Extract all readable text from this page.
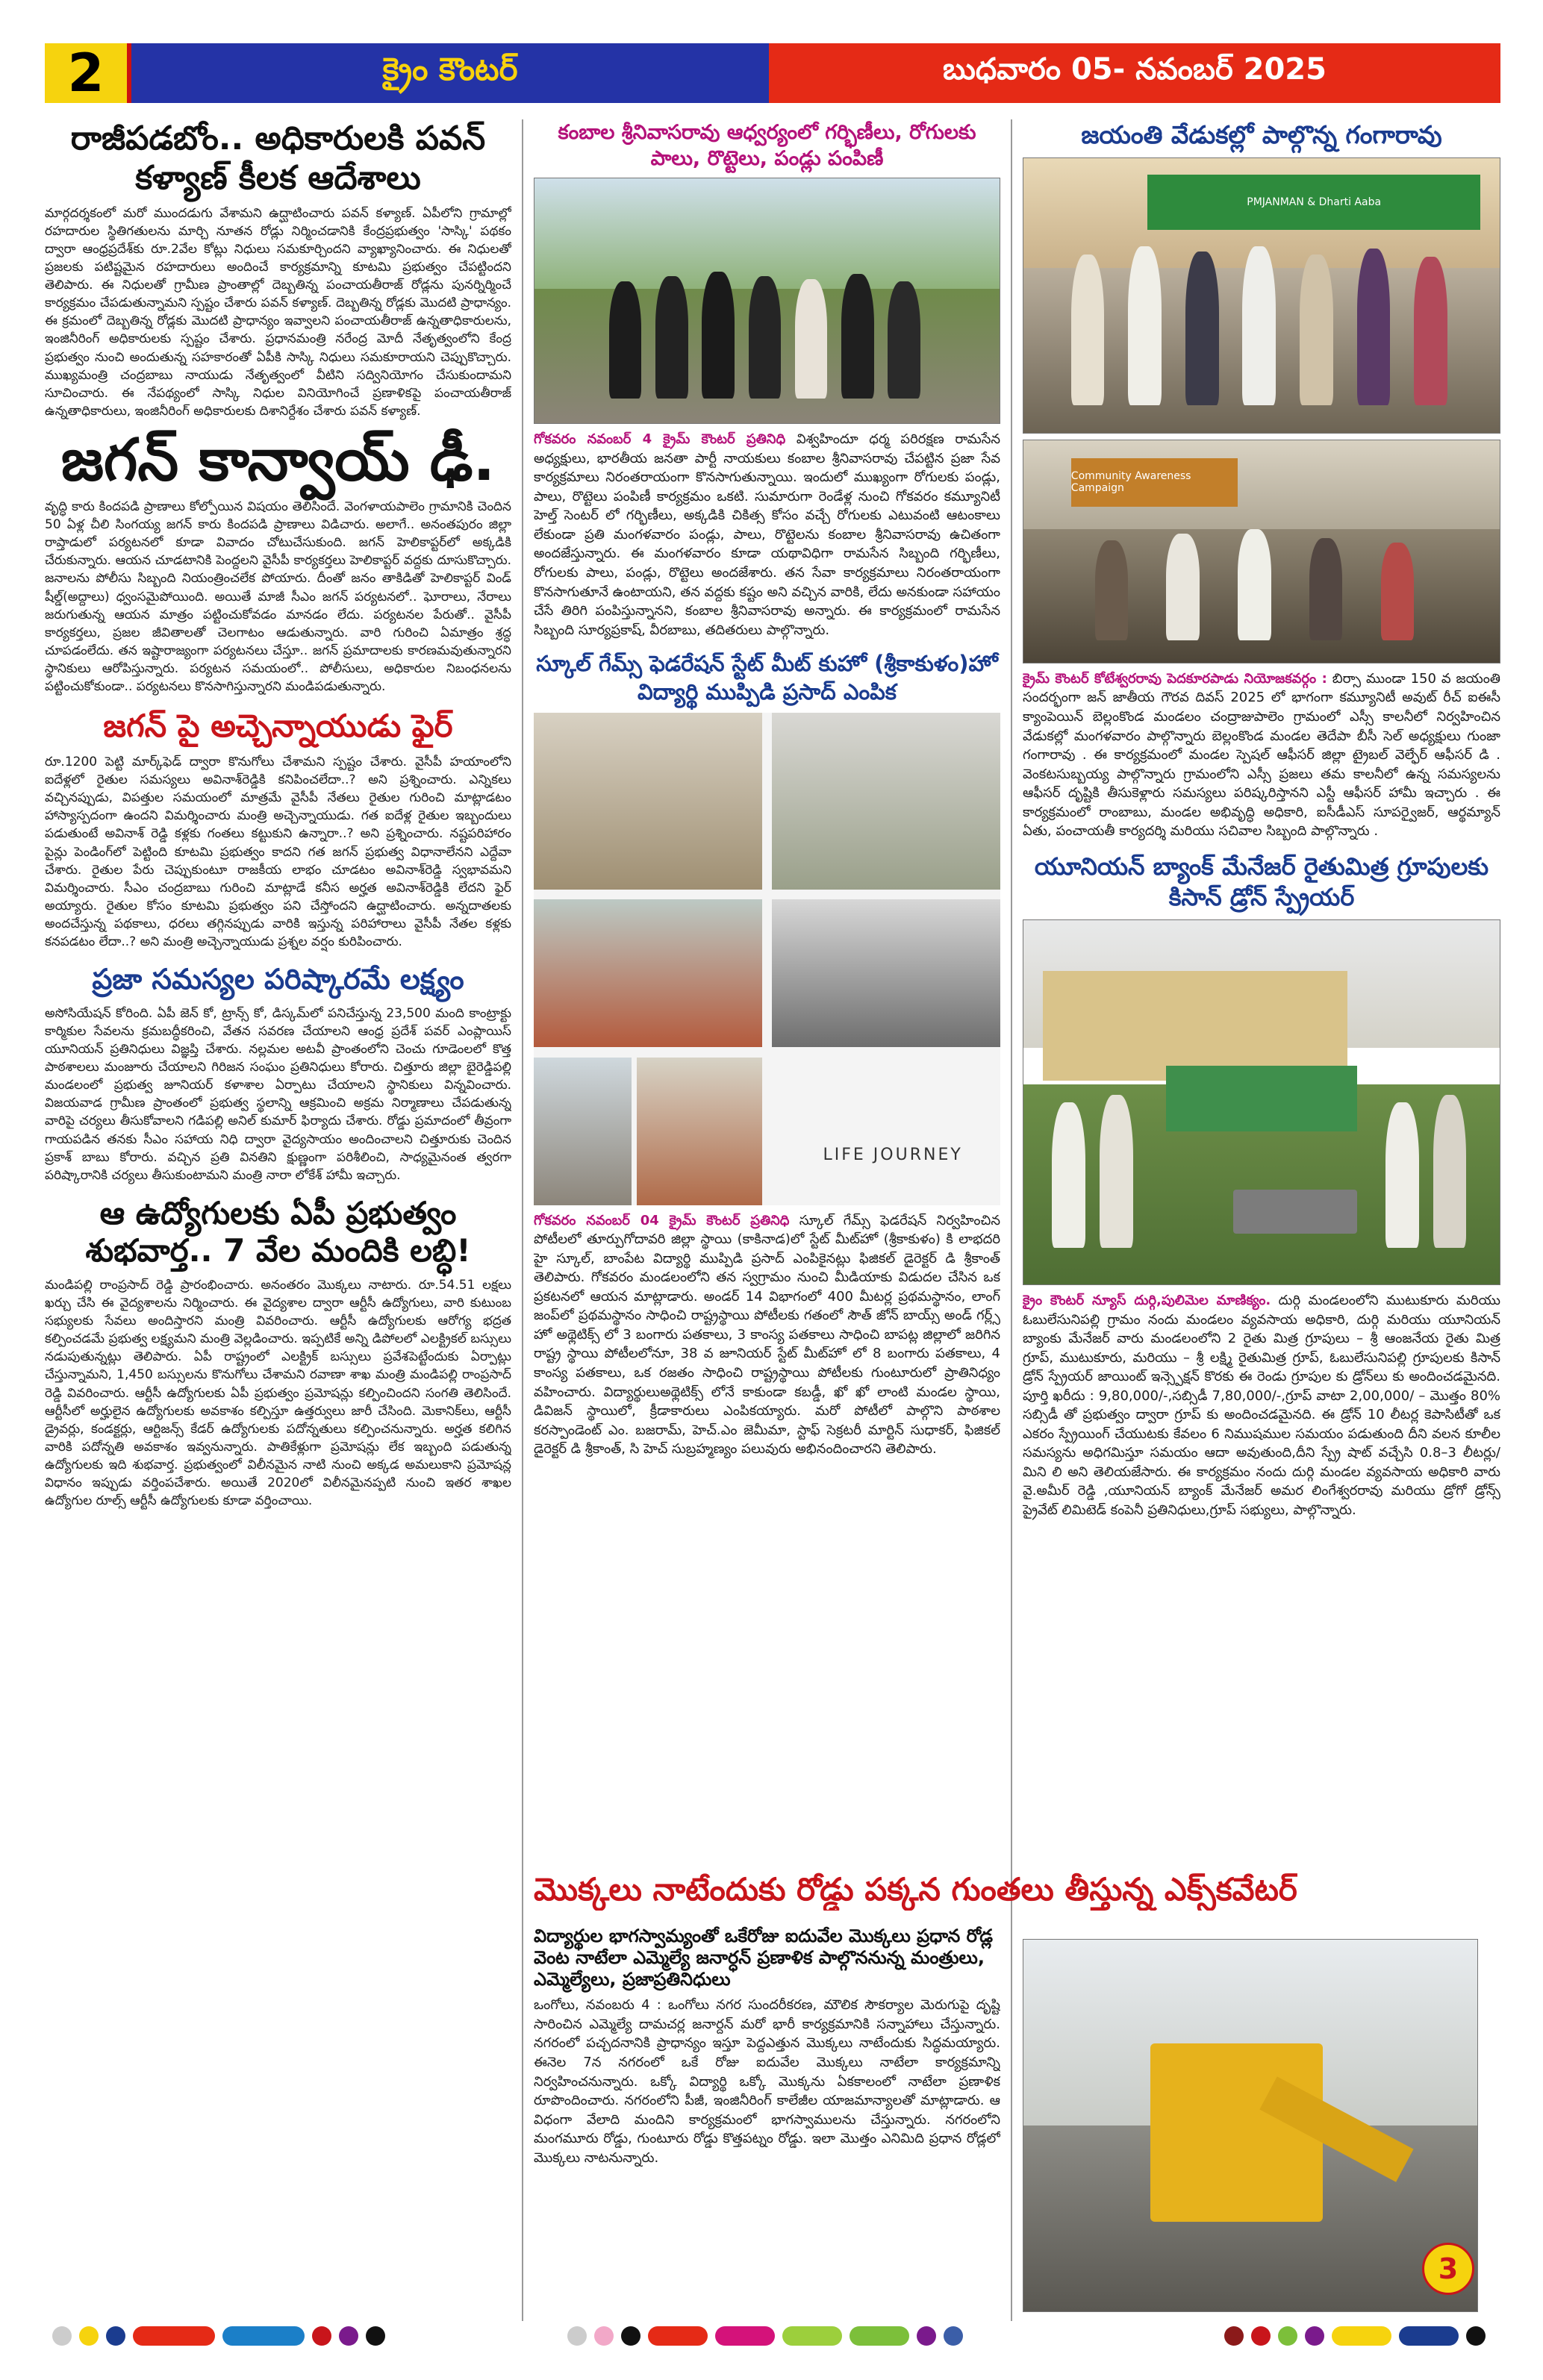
2	క్రైం కౌంటర్	బుధవారం 05- నవంబర్ 2025
రాజీపడబోం.. అధికారులకి పవన్ కళ్యాణ్ కీలక ఆదేశాలు

మార్గదర్శకంలో మరో ముందడుగు వేశామని ఉద్ఘాటించారు పవన్ కళ్యాణ్. ఏపీలోని గ్రామాల్లో రహదారుల స్థితిగతులను మార్చి నూతన రోడ్లు నిర్మించడానికి కేంద్రప్రభుత్వం 'సాస్కి' పథకం ద్వారా ఆంధ్రప్రదేశ్‌కు రూ.2వేల కోట్లు నిధులు సమకూర్చిందని వ్యాఖ్యానించారు. ఈ నిధులతో ప్రజలకు పటిష్టమైన రహదారులు అందించే కార్యక్రమాన్ని కూటమి ప్రభుత్వం చేపట్టిందని తెలిపారు. ఈ నిధులతో గ్రామీణ ప్రాంతాల్లో దెబ్బతిన్న పంచాయతీరాజ్ రోడ్లను పునర్నిర్మించే కార్యక్రమం చేపడుతున్నామని స్పష్టం చేశారు పవన్ కళ్యాణ్. దెబ్బతిన్న రోడ్లకు మొదటి ప్రాధాన్యం. ఈ క్రమంలో దెబ్బతిన్న రోడ్లకు మొదటి ప్రాధాన్యం ఇవ్వాలని పంచాయతీరాజ్ ఉన్నతాధికారులను, ఇంజినీరింగ్ అధికారులకు స్పష్టం చేశారు. ప్రధానమంత్రి నరేంద్ర మోదీ నేతృత్వంలోని కేంద్ర ప్రభుత్వం నుంచి అందుతున్న సహకారంతో ఏపీకి సాస్కి నిధులు సమకూరాయని చెప్పుకొచ్చారు. ముఖ్యమంత్రి చంద్రబాబు నాయుడు నేతృత్వంలో వీటిని సద్వినియోగం చేసుకుందామని సూచించారు. ఈ నేపథ్యంలో సాస్కి నిధుల వినియోగించే ప్రణాళికపై పంచాయతీరాజ్ ఉన్నతాధికారులు, ఇంజినీరింగ్ అధికారులకు దిశానిర్దేశం చేశారు పవన్ కళ్యాణ్.

జగన్ కాన్వాయ్ ఢీ.

వృద్ధి కారు కిందపడి ప్రాణాలు కోల్పోయిన విషయం తెలిసిందే. వెంగళాయపాలెం గ్రామానికి చెందిన 50 ఏళ్ల చీలి సింగయ్య జగన్ కారు కిందపడి ప్రాణాలు విడిచారు. అలాగే.. అనంతపురం జిల్లా రాప్తాడులో పర్యటనలో కూడా వివాదం చోటుచేసుకుంది. జగన్ హెలికాప్టర్‌లో అక్కడికి చేరుకున్నారు. ఆయన చూడటానికి పెంద్దలని వైసీపీ కార్యకర్తలు హెలికాప్టర్ వద్దకు దూసుకొచ్చారు. జనాలను పోలీసు సిబ్బంది నియంత్రించలేక పోయారు. దీంతో జనం తాకిడితో హెలికాప్టర్ విండ్ షీల్డ్(అద్దాలు) ధ్వంసమైపోయింది. అయితే మాజీ సీఎం జగన్ పర్యటనలో.. ఘోరాలు, నేరాలు జరుగుతున్న ఆయన మాత్రం పట్టించుకోవడం మానడం లేదు. పర్యటనల పేరుతో.. వైసీపీ కార్యకర్తలు, ప్రజల జీవితాలతో చెలగాటం ఆడుతున్నారు. వారి గురించి ఏమాత్రం శ్రద్ధ చూపడంలేదు. తన ఇష్టారాజ్యంగా పర్యటనలు చేస్తూ.. జగన్ ప్రమాదాలకు కారణమవుతున్నారని స్థానికులు ఆరోపిస్తున్నారు. పర్యటన సమయంలో.. పోలీసులు, అధికారుల నిబంధనలను పట్టించుకోకుండా.. పర్యటనలు కొనసాగిస్తున్నారని మండిపడుతున్నారు.

జగన్ పై అచ్చెన్నాయుడు ఫైర్

రూ.1200 పెట్టి మార్క్‌ఫెడ్ ద్వారా కొనుగోలు చేశామని స్పష్టం చేశారు. వైసీపీ హయాంలోని ఐదేళ్లలో రైతుల సమస్యలు అవినాశ్‌రెడ్డికి కనిపించలేదా..? అని ప్రశ్నించారు. ఎన్నికలు వచ్చినప్పుడు, విపత్తుల సమయంలో మాత్రమే వైసీపీ నేతలు రైతుల గురించి మాట్లాడటం హాస్యాస్పదంగా ఉందని విమర్శించారు మంత్రి అచ్చెన్నాయుడు. గత ఐదేళ్ల రైతుల ఇబ్బందులు పడుతుంటే అవినాశ్ రెడ్డి కళ్లకు గంతలు కట్టుకుని ఉన్నారా..? అని ప్రశ్నించారు. నష్టపరిహారం పైన్లు పెండింగ్‌లో పెట్టింది కూటమి ప్రభుత్వం కాదని గత జగన్ ప్రభుత్వ విధానాలేనని ఎద్దేవా చేశారు. రైతుల పేరు చెప్పుకుంటూ రాజకీయ లాభం చూడటం అవినాశ్‌రెడ్డి స్వభావమని విమర్శించారు. సీఎం చంద్రబాబు గురించి మాట్లాడే కనీస అర్హత అవినాశ్‌రెడ్డికి లేదని ఫైర్ అయ్యారు. రైతుల కోసం కూటమి ప్రభుత్వం పని చేస్తోందని ఉద్ఘాటించారు. అన్నదాతలకు అందచేస్తున్న పథకాలు, ధరలు తగ్గినప్పుడు వారికి ఇస్తున్న పరిహారాలు వైసీపీ నేతల కళ్లకు కనపడటం లేదా..? అని మంత్రి అచ్చెన్నాయుడు ప్రశ్నల వర్షం కురిపించారు.

ప్రజా సమస్యల పరిష్కారమే లక్ష్యం

అసోసియేషన్ కోరింది. ఏపీ జెన్ కో, ట్రాన్స్ కో, డిస్కమ్‌లో పనిచేస్తున్న 23,500 మంది కాంట్రాక్టు కార్మికుల సేవలను క్రమబద్ధీకరించి, వేతన సవరణ చేయాలని ఆంధ్ర ప్రదేశ్ పవర్ ఎంప్లాయిస్ యూనియన్ ప్రతినిధులు విజ్ఞప్తి చేశారు. నల్లమల అటవీ ప్రాంతంలోని చెంచు గూడెంలలో కొత్త పాఠశాలలు మంజూరు చేయాలని గిరిజన సంఘం ప్రతినిధులు కోరారు. చిత్తూరు జిల్లా బైరెడ్డిపల్లి మండలంలో ప్రభుత్వ జూనియర్ కళాశాల ఏర్పాటు చేయాలని స్థానికులు విన్నవించారు. విజయవాడ గ్రామీణ ప్రాంతంలో ప్రభుత్వ స్థలాన్ని ఆక్రమించి అక్రమ నిర్మాణాలు చేపడుతున్న వారిపై చర్యలు తీసుకోవాలని గడిపల్లి అనిల్ కుమార్ ఫిర్యాదు చేశారు. రోడ్డు ప్రమాదంలో తీవ్రంగా గాయపడిన తనకు సీఎం సహాయ నిధి ద్వారా వైద్యసాయం అందించాలని చిత్తూరుకు చెందిన ప్రకాశ్ బాబు కోరారు. వచ్చిన ప్రతి వినతిని క్షుణ్ణంగా పరిశీలించి, సాధ్యమైనంత త్వరగా పరిష్కారానికి చర్యలు తీసుకుంటామని మంత్రి నారా లోకేశ్ హామీ ఇచ్చారు.

ఆ ఉద్యోగులకు ఏపీ ప్రభుత్వం శుభవార్త.. 7 వేల మందికి లబ్ధి!

మండిపల్లి రాంప్రసాద్ రెడ్డి ప్రారంభించారు. అనంతరం మొక్కలు నాటారు. రూ.54.51 లక్షలు ఖర్చు చేసి ఈ వైద్యశాలను నిర్మించారు. ఈ వైద్యశాల ద్వారా ఆర్టీసీ ఉద్యోగులు, వారి కుటుంబ సభ్యులకు సేవలు అందిస్తారని మంత్రి వివరించారు. ఆర్టీసీ ఉద్యోగులకు ఆరోగ్య భద్రత కల్పించడమే ప్రభుత్వ లక్ష్యమని మంత్రి వెల్లడించారు. ఇప్పటికే అన్ని డిపోలలో ఎలక్ట్రికల్ బస్సులు నడుపుతున్నట్లు తెలిపారు. ఏపీ రాష్ట్రంలో ఎలక్ట్రిక్ బస్సులు ప్రవేశపెట్టేందుకు ఏర్పాట్లు చేస్తున్నామని, 1,450 బస్సులను కొనుగోలు చేశామని రవాణా శాఖ మంత్రి మండిపల్లి రాంప్రసాద్ రెడ్డి వివరించారు. ఆర్టీసీ ఉద్యోగులకు ఏపీ ప్రభుత్వం ప్రమోషన్లు కల్పించిందని సంగతి తెలిసిందే. ఆర్టీసీలో అర్హులైన ఉద్యోగులకు అవకాశం కల్పిస్తూ ఉత్తర్వులు జారీ చేసింది. మెకానిక్‌లు, ఆర్టీసీ డ్రైవర్లు, కండక్టర్లు, ఆర్టిజన్స్ కేడర్ ఉద్యోగులకు పదోన్నతులు కల్పించనున్నారు. అర్హత కలిగిన వారికి పదోన్నతి అవకాశం ఇవ్వనున్నారు. పాతికేళ్లుగా ప్రమోషన్లు లేక ఇబ్బంది పడుతున్న ఉద్యోగులకు ఇది శుభవార్త. ప్రభుత్వంలో విలీనమైన నాటి నుంచి అక్కడ అమలుకాని ప్రమోషన్ల విధానం ఇప్పుడు వర్తింపచేశారు. అయితే 2020లో విలీనమైనప్పటి నుంచి ఇతర శాఖల ఉద్యోగుల రూల్స్ ఆర్టీసీ ఉద్యోగులకు కూడా వర్తించాయి.

కంబాల శ్రీనివాసరావు ఆధ్వర్యంలో గర్భిణీలు, రోగులకు పాలు, రొట్టెలు, పండ్లు పంపిణీ

గోకవరం నవంబర్ 4 క్రైమ్ కౌంటర్ ప్రతినిధి విశ్వహిందూ ధర్మ పరిరక్షణ రామసేన అధ్యక్షులు, భారతీయ జనతా పార్టీ నాయకులు కంబాల శ్రీనివాసరావు చేపట్టిన ప్రజా సేవ కార్యక్రమాలు నిరంతరాయంగా కొనసాగుతున్నాయి. ఇందులో ముఖ్యంగా రోగులకు పండ్లు, పాలు, రొట్టెలు పంపిణీ కార్యక్రమం ఒకటి. సుమారుగా రెండేళ్ల నుంచి గోకవరం కమ్యూనిటీ హెల్త్ సెంటర్ లో గర్భిణీలు, అక్కడికి చికిత్స కోసం వచ్చే రోగులకు ఎటువంటి ఆటంకాలు లేకుండా ప్రతి మంగళవారం పండ్లు, పాలు, రొట్టెలను కంబాల శ్రీనివాసరావు ఉచితంగా అందజేస్తున్నారు. ఈ మంగళవారం కూడా యథావిధిగా రామసేన సిబ్బంది గర్భిణీలు, రోగులకు పాలు, పండ్లు, రొట్టెలు అందజేశారు. తన సేవా కార్యక్రమాలు నిరంతరాయంగా కొనసాగుతూనే ఉంటాయని, తన వద్దకు కష్టం అని వచ్చిన వారికి, లేదు అనకుండా సహాయం చేసే తిరిగి పంపిస్తున్నానని, కంబాల శ్రీనివాసరావు అన్నారు. ఈ కార్యక్రమంలో రామసేన సిబ్బంది సూర్యప్రకాష్, వీరబాబు, తదితరులు పాల్గొన్నారు.

స్కూల్ గేమ్స్ ఫెడరేషన్ స్టేట్ మీట్ కుహో (శ్రీకాకుళం)హో విద్యార్థి ముప్పిడి ప్రసాద్ ఎంపిక
LIFE JOURNEY

గోకవరం నవంబర్ 04 క్రైమ్ కౌంటర్ ప్రతినిధి స్కూల్ గేమ్స్ ఫెడరేషన్ నిర్వహించిన పోటీలలో తూర్పుగోదావరి జిల్లా స్థాయి (కాకినాడ)లో స్టేట్ మీట్‌హో (శ్రీకాకుళం) కి లాభదరి హై స్కూల్, బాంపేట విద్యార్థి ముప్పిడి ప్రసాద్ ఎంపికైనట్లు ఫిజికల్ డైరెక్టర్ డి శ్రీకాంత్ తెలిపారు. గోకవరం మండలంలోని తన స్వగ్రామం నుంచి మీడియాకు విడుదల చేసిన ఒక ప్రకటనలో ఆయన మాట్లాడారు. అండర్ 14 విభాగంలో 400 మీటర్ల ప్రథమస్థానం, లాంగ్ జంప్‌లో ప్రథమస్థానం సాధించి రాష్ట్రస్థాయి పోటీలకు గతంలో సౌత్ జోన్ బాయ్స్ అండ్ గర్ల్స్ హో అథ్లెటిక్స్ లో 3 బంగారు పతకాలు, 3 కాంస్య పతకాలు సాధించి బాపట్ల జిల్లాలో జరిగిన రాష్ట్ర స్థాయి పోటీలలోనూ, 38 వ జూనియర్ స్టేట్ మీట్‌హో లో 8 బంగారు పతకాలు, 4 కాంస్య పతకాలు, ఒక రజతం సాధించి రాష్ట్రస్థాయి పోటీలకు గుంటూరులో ప్రాతినిధ్యం వహించారు. విద్యార్థులుఅథ్లెటిక్స్ లోనే కాకుండా కబడ్డీ, ఖో ఖో లాంటి మండల స్థాయి, డివిజన్ స్థాయిలో, క్రీడాకారులు ఎంపికయ్యారు. మరో పోటీలో పాల్గొని పాఠశాల కరస్పాండెంట్ ఎం. బజరామ్, హెచ్.ఎం జెమీమా, స్టాఫ్ సెక్రటరీ మార్టిన్ సుధాకర్, ఫిజికల్ డైరెక్టర్ డి శ్రీకాంత్, సి హెచ్ సుబ్రహ్మణ్యం పలువురు అభినందించారని తెలిపారు.

మొక్కలు నాటేందుకు రోడ్డు పక్కన గుంతలు తీస్తున్న ఎక్స్‌కవేటర్

విద్యార్థుల భాగస్వామ్యంతో ఒకేరోజు ఐదువేల మొక్కలు ప్రధాన రోడ్ల వెంట నాటేలా ఎమ్మెల్యే జనార్ధన్ ప్రణాళిక పాల్గొననున్న మంత్రులు, ఎమ్మెల్యేలు, ప్రజాప్రతినిధులు

ఒంగోలు, నవంబరు 4 : ఒంగోలు నగర సుందరీకరణ, మౌలిక సౌకర్యాల మెరుగుపై దృష్టి సారించిన ఎమ్మెల్యే దామచర్ల జనార్దన్ మరో భారీ కార్యక్రమానికి సన్నాహాలు చేస్తున్నారు. నగరంలో పచ్చదనానికి ప్రాధాన్యం ఇస్తూ పెద్దఎత్తున మొక్కలు నాటేందుకు సిద్ధమయ్యారు. ఈనెల 7న నగరంలో ఒకే రోజు ఐదువేల మొక్కలు నాటేలా కార్యక్రమాన్ని నిర్వహించనున్నారు. ఒక్కో విద్యార్థి ఒక్కో మొక్కను ఏకకాలంలో నాటేలా ప్రణాళిక రూపొందించారు. నగరంలోని పీజీ, ఇంజినీరింగ్ కాలేజీల యాజమాన్యాలతో మాట్లాడారు. ఆ విధంగా వేలాది మందిని కార్యక్రమంలో భాగస్వాములను చేస్తున్నారు. నగరంలోని మంగమూరు రోడ్డు, గుంటూరు రోడ్డు కొత్తపట్నం రోడ్డు. ఇలా మొత్తం ఎనిమిది ప్రధాన రోడ్లలో మొక్కలు నాటనున్నారు.

జయంతి వేడుకల్లో పాల్గొన్న గంగారావు
PMJANMAN & Dharti Aaba
Community Awareness Campaign

క్రైమ్ కౌంటర్ కోటేశ్వరరావు పెదకూరపాడు నియోజకవర్గం : బిర్సా ముండా 150 వ జయంతి సందర్భంగా జన్ జాతీయ గౌరవ దివస్ 2025 లో భాగంగా కమ్యూనిటీ అవుట్ రీచ్ ఐఈసీ క్యాంపెయిన్ బెల్లంకొండ మండలం చంద్రాజుపాలెం గ్రామంలో ఎస్సీ కాలనీలో నిర్వహించిన వేడుకల్లో మంగళవారం పాల్గొన్నారు బెల్లంకొండ మండల తెదేపా బీసీ సెల్ అధ్యక్షులు గుంజా గంగారావు . ఈ కార్యక్రమంలో మండల స్పెషల్ ఆఫీసర్ జిల్లా ట్రైబల్ వెల్ఫేర్ ఆఫీసర్ డి . వెంకటసుబ్బయ్య పాల్గొన్నారు గ్రామంలోని ఎస్సీ ప్రజలు తమ కాలనీలో ఉన్న సమస్యలను ఆఫీసర్ దృష్టికి తీసుకెళ్లారు సమస్యలు పరిష్కరిస్తానని ఎస్టీ ఆఫీసర్ హామీ ఇచ్చారు . ఈ కార్యక్రమంలో రాంబాబు, మండల అభివృద్ధి అధికారి, ఐసీడీఎస్ సూపర్వైజర్, ఆర్థమ్యాన్ ఏతు, పంచాయతీ కార్యదర్శి మరియు సచివాల సిబ్బంది పాల్గొన్నారు .

యూనియన్ బ్యాంక్ మేనేజర్ రైతుమిత్ర గ్రూపులకు కిసాన్ డ్రోన్ స్ప్రేయర్

క్రైం కౌంటర్ న్యూస్ దుర్గి,పులిమెల మాణిక్యం. దుర్గి మండలంలోని ముటుకూరు మరియు ఓబులేసునిపల్లి గ్రామం నందు మండలం వ్యవసాయ అధికారి, దుర్గి మరియు యూనియన్ బ్యాంకు మేనేజర్ వారు మండలంలోని 2 రైతు మిత్ర గ్రూపులు – శ్రీ ఆంజనేయ రైతు మిత్ర గ్రూప్, ముటుకూరు, మరియు – శ్రీ లక్ష్మి రైతుమిత్ర గ్రూప్, ఓబులేసునిపల్లి గ్రూపులకు కిసాన్ డ్రోన్ స్ప్రేయర్ జాయింట్ ఇన్స్పెక్షన్ కొరకు ఈ రెండు గ్రూపుల కు డ్రోన్‌లు కు అందించడమైనది. పూర్తి ఖరీదు : 9,80,000/-,సబ్సిడీ 7,80,000/-,గ్రూప్ వాటా 2,00,000/ – మొత్తం 80% సబ్సిడీ తో ప్రభుత్వం ద్వారా గ్రూప్ కు అందించడమైనది. ఈ డ్రోన్ 10 లీటర్ల కెపాసిటీతో ఒక ఎకరం స్ప్రేయింగ్ చేయుటకు కేవలం 6 నిముషముల సమయం పడుతుంది దీని వలన కూలీల సమస్యను అధిగమిస్తూ సమయం ఆదా అవుతుంది,దీని స్ప్రే షాట్ వచ్చేసి 0.8–3 లీటర్లు/మిని లి అని తెలియజేసారు. ఈ కార్యక్రమం నందు దుర్గి మండల వ్యవసాయ అధికారి వారు వై.అమీర్ రెడ్డి ,యూనియన్ బ్యాంక్ మేనేజర్ అమర లింగేశ్వరరావు మరియు డ్రోగో డ్రోన్స్ ప్రైవేట్ లిమిటెడ్ కంపెనీ ప్రతినిధులు,గ్రూప్ సభ్యులు, పాల్గొన్నారు.

3
